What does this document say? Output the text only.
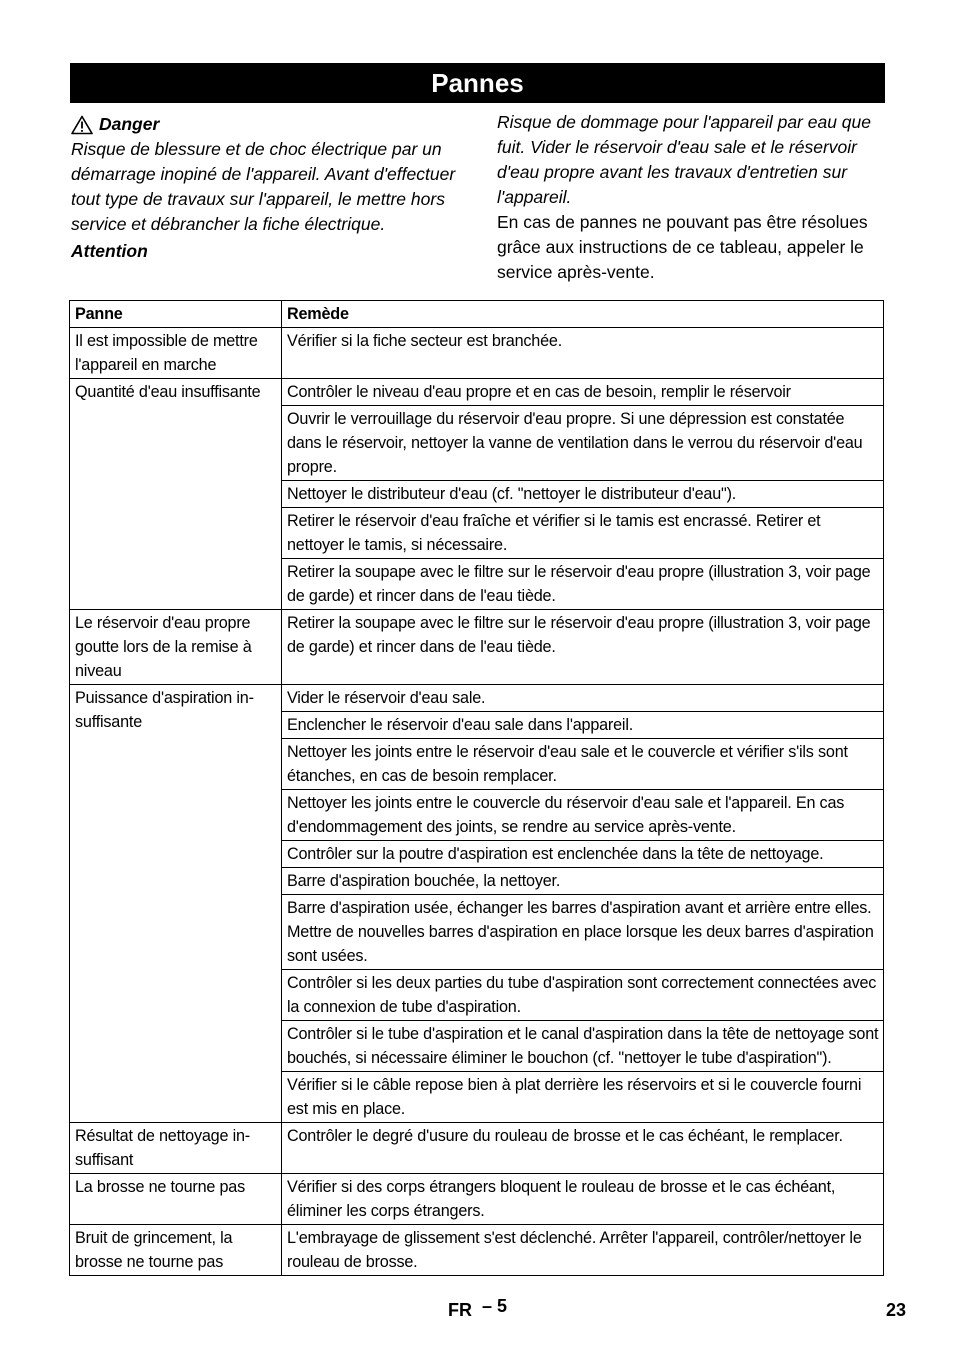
Pannes
Danger

Risque de blessure et de choc électrique par un démarrage inopiné de l'appareil. Avant d'effectuer tout type de travaux sur l'appareil, le mettre hors service et débrancher la fiche électrique.

Attention

Risque de dommage pour l'appareil par eau que fuit. Vider le réservoir d'eau sale et le réservoir d'eau propre avant les travaux d'entretien sur l'appareil.

En cas de pannes ne pouvant pas être résolues grâce aux instructions de ce tableau, appeler le service après-vente.

Panne	Remède
Il est impossible de mettre l'appareil en marche	Vérifier si la fiche secteur est branchée.
Quantité d'eau insuffisante	Contrôler le niveau d'eau propre et en cas de besoin, remplir le réservoir
	Ouvrir le verrouillage du réservoir d'eau propre. Si une dépression est constatée dans le réservoir, nettoyer la vanne de ventilation dans le verrou du réservoir d'eau propre.
	Nettoyer le distributeur d'eau (cf. "nettoyer le distributeur d'eau").
	Retirer le réservoir d'eau fraîche et vérifier si le tamis est encrassé. Retirer et nettoyer le tamis, si nécessaire.
	Retirer la soupape avec le filtre sur le réservoir d'eau propre (illustration 3, voir page de garde) et rincer dans de l'eau tiède.
Le réservoir d'eau propre goutte lors de la remise à niveau	Retirer la soupape avec le filtre sur le réservoir d'eau propre (illustration 3, voir page de garde) et rincer dans de l'eau tiède.
Puissance d'aspiration insuffisante	Vider le réservoir d'eau sale.
	Enclencher le réservoir d'eau sale dans l'appareil.
	Nettoyer les joints entre le réservoir d'eau sale et le couvercle et vérifier s'ils sont étanches, en cas de besoin remplacer.
	Nettoyer les joints entre le couvercle du réservoir d'eau sale et l'appareil. En cas d'endommagement des joints, se rendre au service après-vente.
	Contrôler sur la poutre d'aspiration est enclenchée dans la tête de nettoyage.
	Barre d'aspiration bouchée, la nettoyer.
	Barre d'aspiration usée, échanger les barres d'aspiration avant et arrière entre elles. Mettre de nouvelles barres d'aspiration en place lorsque les deux barres d'aspiration sont usées.
	Contrôler si les deux parties du tube d'aspiration sont correctement connectées avec la connexion de tube d'aspiration.
	Contrôler si le tube d'aspiration et le canal d'aspiration dans la tête de nettoyage sont bouchés, si nécessaire éliminer le bouchon (cf. "nettoyer le tube d'aspiration").
	Vérifier si le câble repose bien à plat derrière les réservoirs et si le couvercle fourni est mis en place.
Résultat de nettoyage insuffisant	Contrôler le degré d'usure du rouleau de brosse et le cas échéant, le remplacer.
La brosse ne tourne pas	Vérifier si des corps étrangers bloquent le rouleau de brosse et le cas échéant, éliminer les corps étrangers.
Bruit de grincement, la brosse ne tourne pas	L'embrayage de glissement s'est déclenché. Arrêter l'appareil, contrôler/nettoyer le rouleau de brosse.
FR – 5	23
